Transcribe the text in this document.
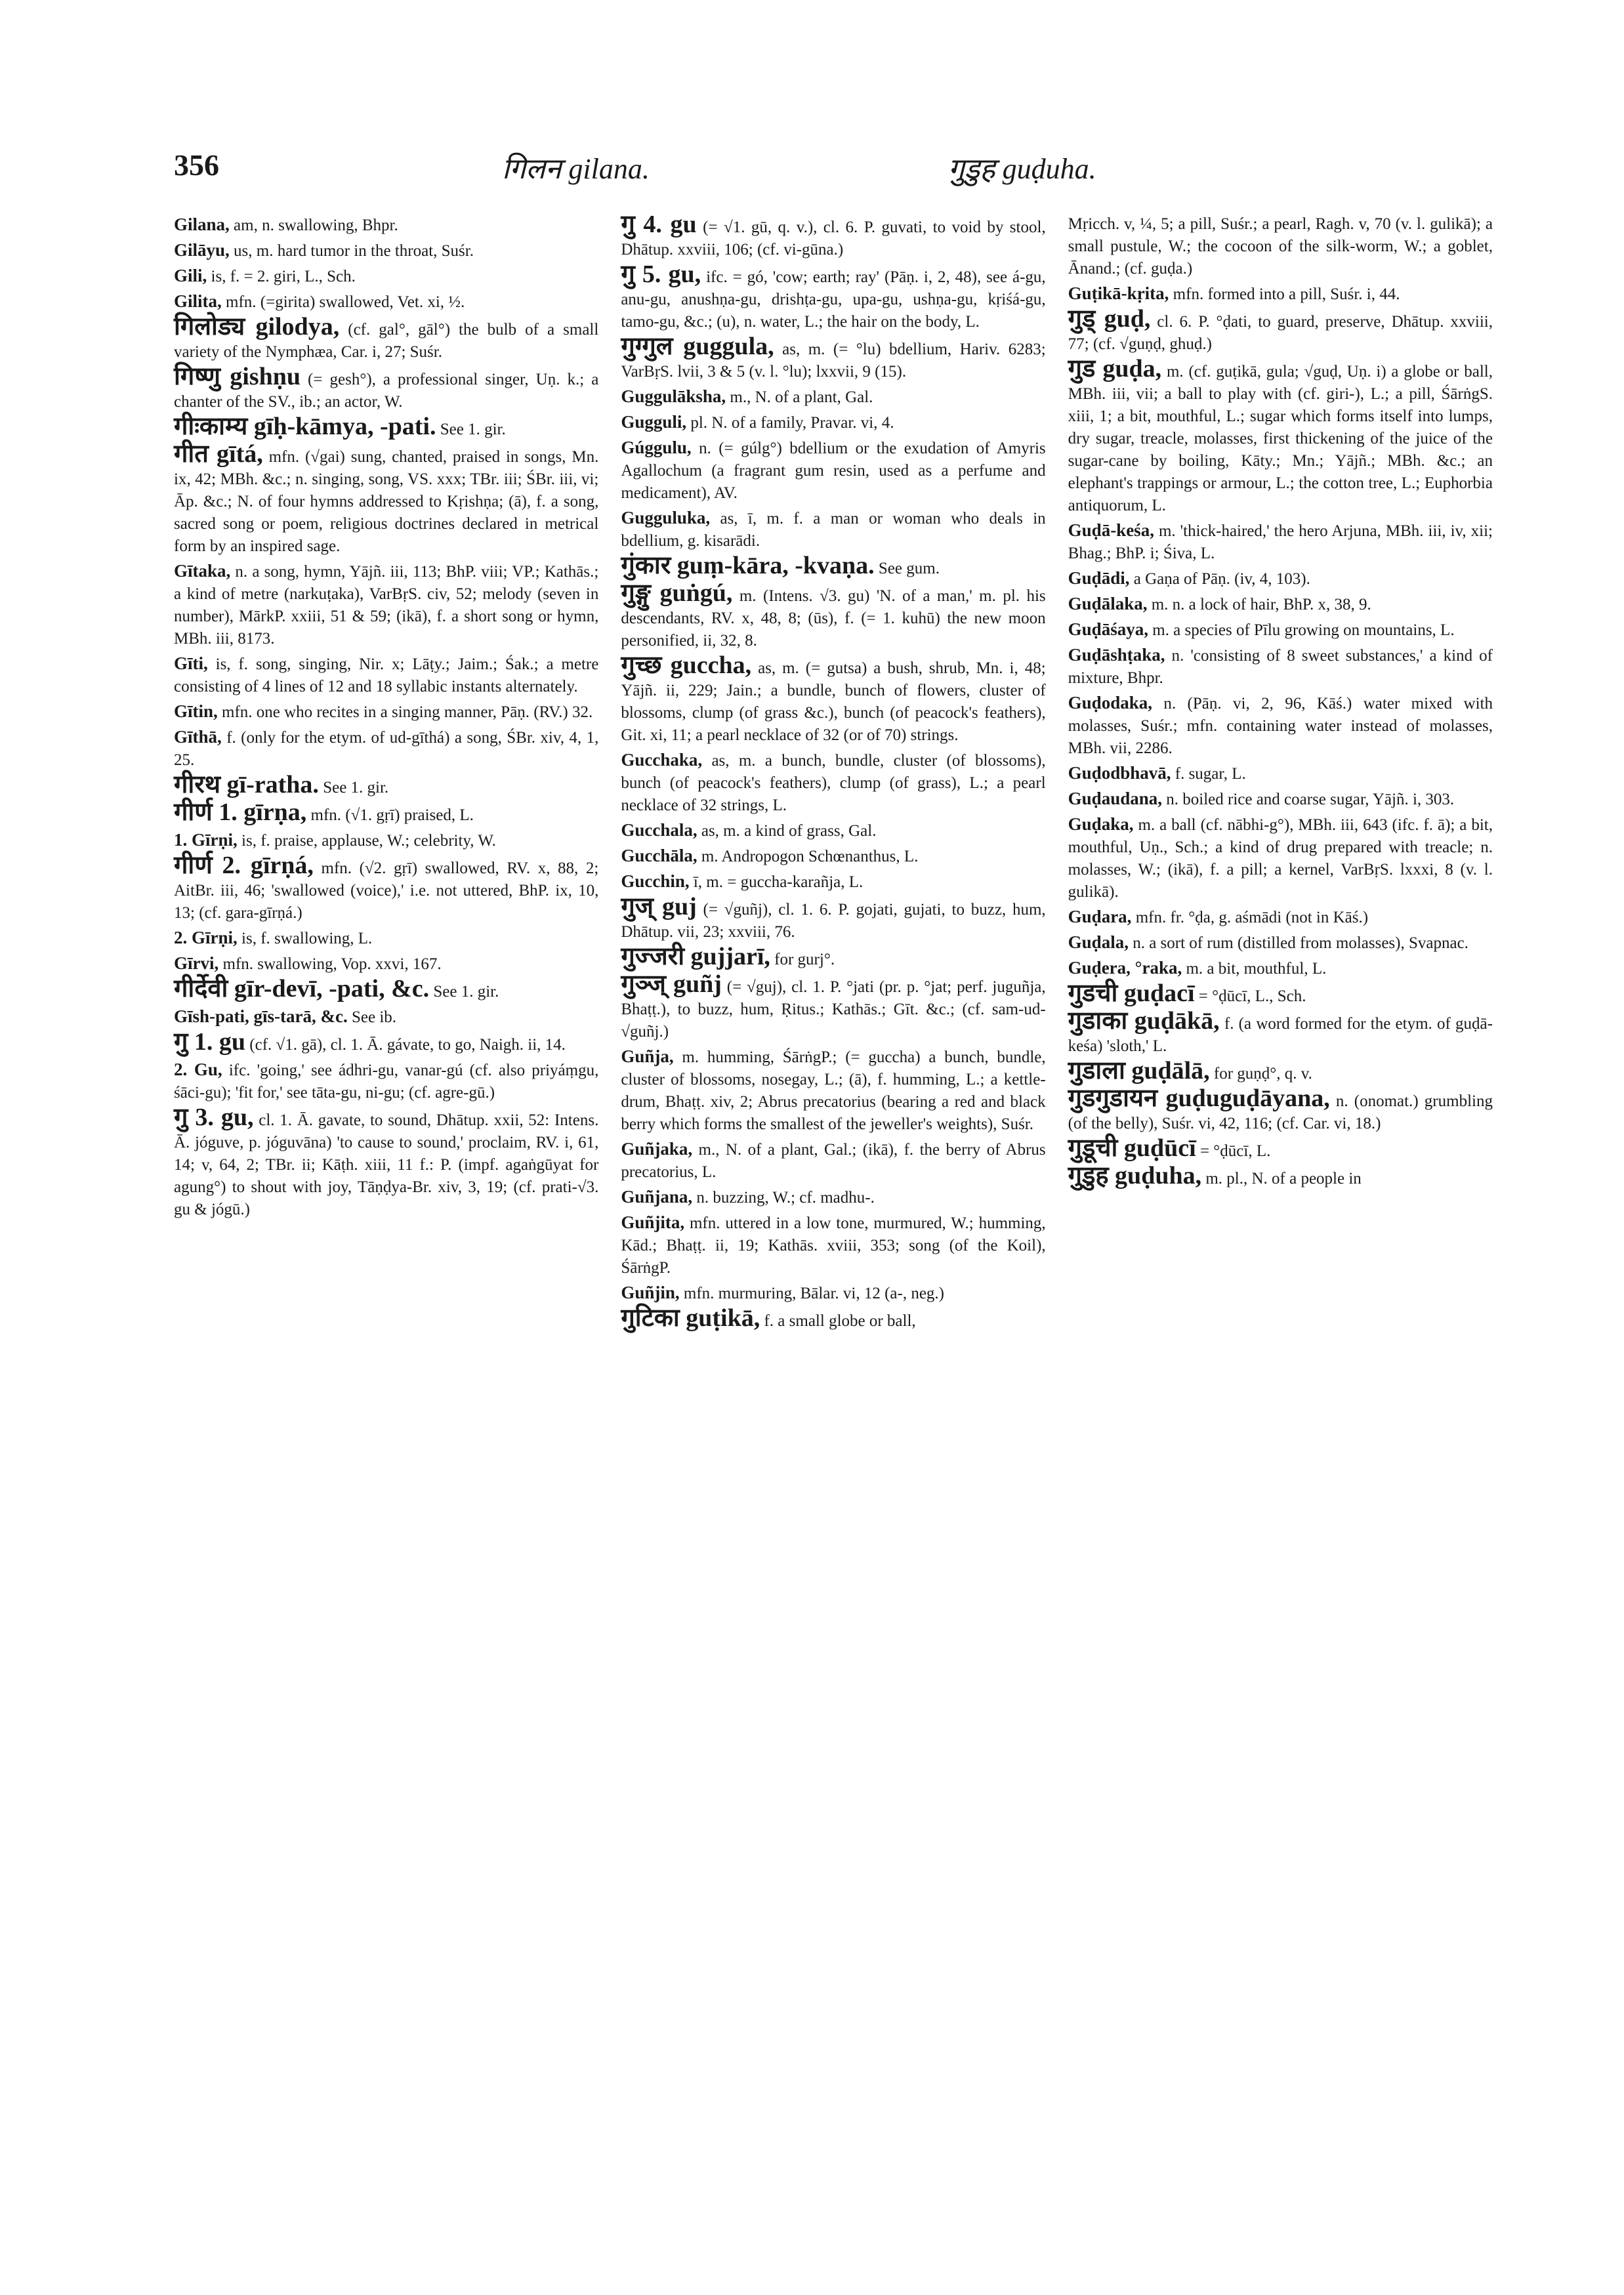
356	गिलन gilana.	गुडुह guḍuha.
Gilana, am, n. swallowing, Bhpr.
Gilāyu, us, m. hard tumor in the throat, Suśr.
Gili, is, f. = 2. giri, L., Sch.
Gilita, mfn. (=girita) swallowed, Vet. xi, ½.
गिलोड्य gilodya, (cf. gal°, gāl°) the bulb of a small variety of the Nymphæa, Car. i, 27; Suśr.
गिष्णु gishṇu (= gesh°), a professional singer, Uṇ. k.; a chanter of the SV., ib.; an actor, W.
गीःकाम्य gīḥ-kāmya, -pati. See 1. gir.
गीत gītá, mfn. (√gai) sung, chanted, praised in songs, Mn. ix, 42; MBh. &c.; n. singing, song, VS. xxx; TBr. iii; ŚBr. iii, vi; Āp. &c.; N. of four hymns addressed to Kṛishṇa; (ā), f. a song, sacred song or poem, religious doctrines declared in metrical form by an inspired sage.
Gītaka, n. a song, hymn, Yājñ. iii, 113; BhP. viii; VP.; Kathās.; a kind of metre (narkuṭaka), VarBṛS. civ, 52; melody (seven in number), MārkP. xxiii, 51 & 59; (ikā), f. a short song or hymn, MBh. iii, 8173.
Gīti, is, f. song, singing, Nir. x; Lāṭy.; Jaim.; Śak.; a metre consisting of 4 lines of 12 and 18 syllabic instants alternately.
Gītin, mfn. one who recites in a singing manner, Pāṇ. (RV.) 32.
Gīthā, f. (only for the etym. of ud-gīthá) a song, ŚBr. xiv, 4, 1, 25.
गीरथ gī-ratha. See 1. gir.
गीर्ण 1. gīrṇa, mfn. (√1. gṛī) praised, L.
1. Gīrṇi, is, f. praise, applause, W.; celebrity, W.
गीर्ण 2. gīrṇá, mfn. (√2. gṛī) swallowed, RV. x, 88, 2; AitBr. iii, 46; 'swallowed (voice),' i.e. not uttered, BhP. ix, 10, 13; (cf. gara-gīrṇá.)
2. Gīrṇi, is, f. swallowing, L.
Gīrvi, mfn. swallowing, Vop. xxvi, 167.
गीर्देवी gīr-devī, -pati, &c. See 1. gir.
Gīsh-pati, gīs-tarā, &c. See ib.
गु 1. gu (cf. √1. gā), cl. 1. Ā. gávate, to go, Naigh. ii, 14.
2. Gu, ifc. 'going,' see ádhri-gu, vanar-gú (cf. also priyáṃgu, śāci-gu); 'fit for,' see tāta-gu, ni-gu; (cf. agre-gū.)
गु 3. gu, cl. 1. Ā. gavate, to sound, Dhātup. xxii, 52: Intens. Ā. jóguve, p. jóguvāna) 'to cause to sound,' proclaim, RV. i, 61, 14; v, 64, 2; TBr. ii; Kāṭh. xiii, 11 f.: P. (impf. agaṅgūyat for agung°) to shout with joy, Tāṇḍya-Br. xiv, 3, 19; (cf. prati-√3. gu & jógū.)
गु 4. gu (= √1. gū, q. v.), cl. 6. P. guvati, to void by stool, Dhātup. xxviii, 106; (cf. vi-gūna.)
गु 5. gu, ifc. = gó, 'cow; earth; ray' (Pāṇ. i, 2, 48), see á-gu, anu-gu, anushṇa-gu, drishṭa-gu, upa-gu, ushṇa-gu, kṛiśá-gu, tamo-gu, &c.; (u), n. water, L.; the hair on the body, L.
गुग्गुल guggula, as, m. (= °lu) bdellium, Hariv. 6283; VarBṛS. lvii, 3 & 5 (v. l. °lu); lxxvii, 9 (15).
Guggulāksha, m., N. of a plant, Gal.
Gugguli, pl. N. of a family, Pravar. vi, 4.
Gúggulu, n. (= gúlg°) bdellium or the exudation of Amyris Agallochum (a fragrant gum resin, used as a perfume and medicament), AV.
Gugguluka, as, ī, m. f. a man or woman who deals in bdellium, g. kisarādi.
गुंकार guṃ-kāra, -kvaṇa. See gum.
गुङ्गु guṅgú, m. (Intens. √3. gu) 'N. of a man,' m. pl. his descendants, RV. x, 48, 8; (ūs), f. (= 1. kuhū) the new moon personified, ii, 32, 8.
गुच्छ guccha, as, m. (= gutsa) a bush, shrub, Mn. i, 48; Yājñ. ii, 229; Jain.; a bundle, bunch of flowers, cluster of blossoms, clump (of grass &c.), bunch (of peacock's feathers), Git. xi, 11; a pearl necklace of 32 (or of 70) strings.
Gucchaka, as, m. a bunch, bundle, cluster (of blossoms), bunch (of peacock's feathers), clump (of grass), L.; a pearl necklace of 32 strings, L.
Gucchala, as, m. a kind of grass, Gal.
Gucchāla, m. Andropogon Schœnanthus, L.
Gucchin, ī, m. = guccha-karañja, L.
गुज् guj (= √guñj), cl. 1. 6. P. gojati, gujati, to buzz, hum, Dhātup. vii, 23; xxviii, 76.
गुज्जरी gujjarī, for gurj°.
गुञ्ज् guñj (= √guj), cl. 1. P. °jati (pr. p. °jat; perf. juguñja, Bhaṭṭ.), to buzz, hum, Ṛitus.; Kathās.; Gīt. &c.; (cf. sam-ud-√guñj.)
Guñja, m. humming, ŚārṅgP.; (= guccha) a bunch, bundle, cluster of blossoms, nosegay, L.; (ā), f. humming, L.; a kettle-drum, Bhaṭṭ. xiv, 2; Abrus precatorius (bearing a red and black berry which forms the smallest of the jeweller's weights), Suśr.
Guñjaka, m., N. of a plant, Gal.; (ikā), f. the berry of Abrus precatorius, L.
Guñjana, n. buzzing, W.; cf. madhu-.
Guñjita, mfn. uttered in a low tone, murmured, W.; humming, Kād.; Bhaṭṭ. ii, 19; Kathās. xviii, 353; song (of the Koil), ŚārṅgP.
Guñjin, mfn. murmuring, Bālar. vi, 12 (a-, neg.)
गुटिका guṭikā, f. a small globe or ball,
Mṛicch. v, ¼, 5; a pill, Suśr.; a pearl, Ragh. v, 70 (v. l. gulikā); a small pustule, W.; the cocoon of the silk-worm, W.; a goblet, Ānand.; (cf. guḍa.)
Guṭikā-kṛita, mfn. formed into a pill, Suśr. i, 44.
गुड् guḍ, cl. 6. P. °ḍati, to guard, preserve, Dhātup. xxviii, 77; (cf. √guṇḍ, ghuḍ.)
गुड guḍa, m. (cf. guṭikā, gula; √guḍ, Uṇ. i) a globe or ball, MBh. iii, vii; a ball to play with (cf. giri-), L.; a pill, ŚārṅgS. xiii, 1; a bit, mouthful, L.; sugar which forms itself into lumps, dry sugar, treacle, molasses, first thickening of the juice of the sugar-cane by boiling, Kāty.; Mn.; Yājñ.; MBh. &c.; an elephant's trappings or armour, L.; the cotton tree, L.; Euphorbia antiquorum, L.
Guḍā-keśa, m. 'thick-haired,' the hero Arjuna, MBh. iii, iv, xii; Bhag.; BhP. i; Śiva, L.
Guḍādi, a Gaṇa of Pāṇ. (iv, 4, 103).
Guḍālaka, m. n. a lock of hair, BhP. x, 38, 9.
Guḍāśaya, m. a species of Pīlu growing on mountains, L.
Guḍāshṭaka, n. 'consisting of 8 sweet substances,' a kind of mixture, Bhpr.
Guḍodaka, n. (Pāṇ. vi, 2, 96, Kāś.) water mixed with molasses, Suśr.; mfn. containing water instead of molasses, MBh. vii, 2286.
Guḍodbhavā, f. sugar, L.
Guḍaudana, n. boiled rice and coarse sugar, Yājñ. i, 303.
Guḍaka, m. a ball (cf. nābhi-g°), MBh. iii, 643 (ifc. f. ā); a bit, mouthful, Uṇ., Sch.; a kind of drug prepared with treacle; n. molasses, W.; (ikā), f. a pill; a kernel, VarBṛS. lxxxi, 8 (v. l. gulikā).
Guḍara, mfn. fr. °ḍa, g. aśmādi (not in Kāś.)
Guḍala, n. a sort of rum (distilled from molasses), Svapnac.
Guḍera, °raka, m. a bit, mouthful, L.
गुडची guḍacī = °ḍūcī, L., Sch.
गुडाका guḍākā, f. (a word formed for the etym. of guḍā-keśa) 'sloth,' L.
गुडाला guḍālā, for guṇḍ°, q. v.
गुडगुडायन guḍuguḍāyana, n. (onomat.) grumbling (of the belly), Suśr. vi, 42, 116; (cf. Car. vi, 18.)
गुडूची guḍūcī = °ḍūcī, L.
गुडुह guḍuha, m. pl., N. of a people in
